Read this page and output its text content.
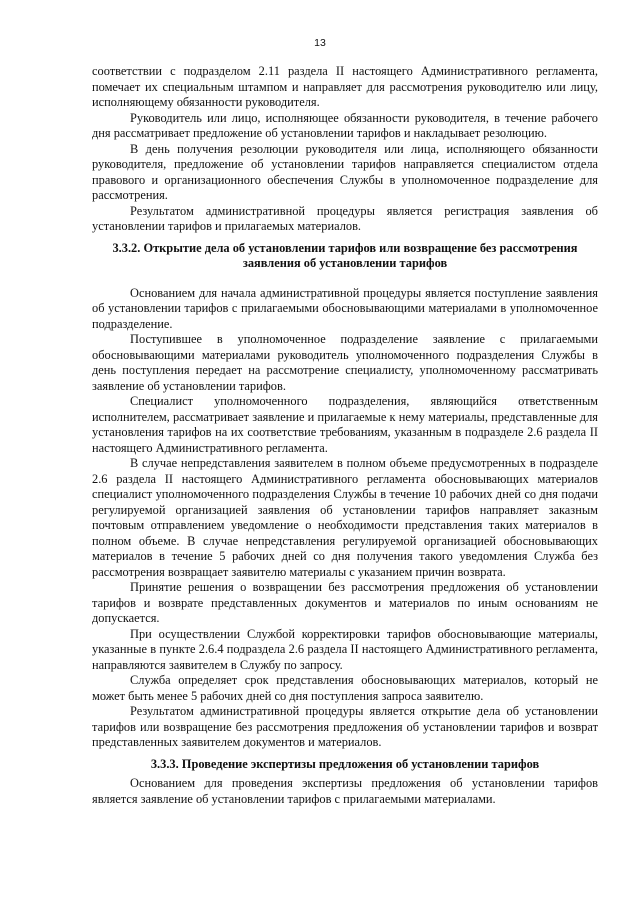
13

соответствии с подразделом 2.11 раздела II настоящего Административного регламента, помечает их специальным штампом и направляет для рассмотрения руководителю или лицу, исполняющему обязанности руководителя.

Руководитель или лицо, исполняющее обязанности руководителя, в течение рабочего дня рассматривает предложение об установлении тарифов и накладывает резолюцию.

В день получения резолюции руководителя или лица, исполняющего обязанности руководителя, предложение об установлении тарифов направляется специалистом отдела правового и организационного обеспечения Службы в уполномоченное подразделение для рассмотрения.

Результатом административной процедуры является регистрация заявления об установлении тарифов и прилагаемых материалов.

3.3.2. Открытие дела об установлении тарифов или возвращение без рассмотрения заявления об установлении тарифов

Основанием для начала административной процедуры является поступление заявления об установлении тарифов с прилагаемыми обосновывающими материалами в уполномоченное подразделение.

Поступившее в уполномоченное подразделение заявление с прилагаемыми обосновывающими материалами руководитель уполномоченного подразделения Службы в день поступления передает на рассмотрение специалисту, уполномоченному рассматривать заявление об установлении тарифов.

Специалист уполномоченного подразделения, являющийся ответственным исполнителем, рассматривает заявление и прилагаемые к нему материалы, представленные для установления тарифов на их соответствие требованиям, указанным в подразделе 2.6 раздела II настоящего Административного регламента.

В случае непредставления заявителем в полном объеме предусмотренных в подразделе 2.6 раздела II настоящего Административного регламента обосновывающих материалов специалист уполномоченного подразделения Службы в течение 10 рабочих дней со дня подачи регулируемой организацией заявления об установлении тарифов направляет заказным почтовым отправлением уведомление о необходимости представления таких материалов в полном объеме. В случае непредставления регулируемой организацией обосновывающих материалов в течение 5 рабочих дней со дня получения такого уведомления Служба без рассмотрения возвращает заявителю материалы с указанием причин возврата.

Принятие решения о возвращении без рассмотрения предложения об установлении тарифов и возврате представленных документов и материалов по иным основаниям не допускается.

При осуществлении Службой корректировки тарифов обосновывающие материалы, указанные в пункте 2.6.4 подраздела 2.6 раздела II настоящего Административного регламента, направляются заявителем в Службу по запросу.

Служба определяет срок представления обосновывающих материалов, который не может быть менее 5 рабочих дней со дня поступления запроса заявителю.

Результатом административной процедуры является открытие дела об установлении тарифов или возвращение без рассмотрения предложения об установлении тарифов и возврат представленных заявителем документов и материалов.

3.3.3. Проведение экспертизы предложения об установлении тарифов

Основанием для проведения экспертизы предложения об установлении тарифов является заявление об установлении тарифов с прилагаемыми материалами.
